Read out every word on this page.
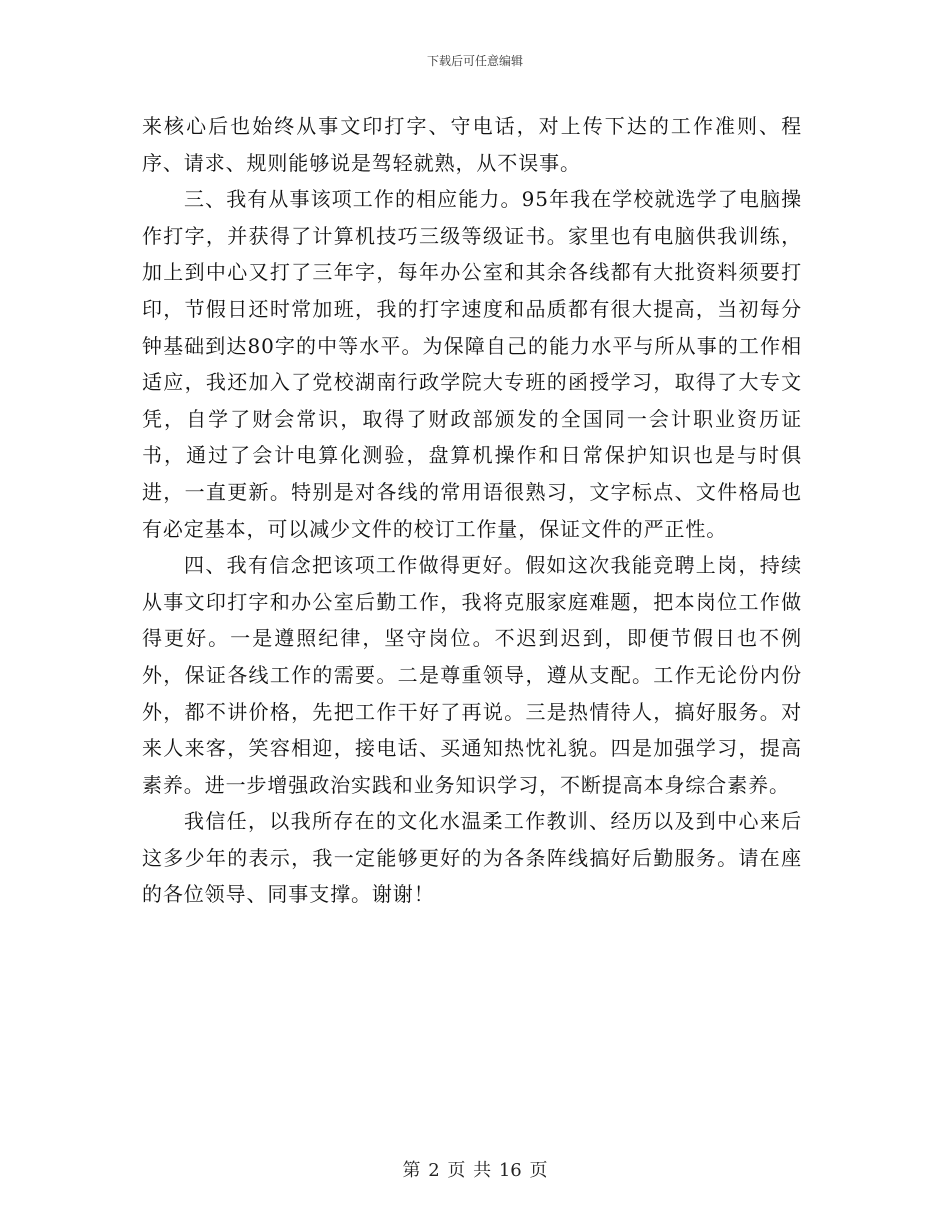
下载后可任意编辑

来核心后也始终从事文印打字、守电话，对上传下达的工作准则、程序、请求、规则能够说是驾轻就熟，从不误事。

三、我有从事该项工作的相应能力。95年我在学校就选学了电脑操作打字，并获得了计算机技巧三级等级证书。家里也有电脑供我训练，加上到中心又打了三年字，每年办公室和其余各线都有大批资料须要打印，节假日还时常加班，我的打字速度和品质都有很大提高，当初每分钟基础到达80字的中等水平。为保障自己的能力水平与所从事的工作相适应，我还加入了党校湖南行政学院大专班的函授学习，取得了大专文凭，自学了财会常识，取得了财政部颁发的全国同一会计职业资历证书，通过了会计电算化测验，盘算机操作和日常保护知识也是与时俱进，一直更新。特别是对各线的常用语很熟习，文字标点、文件格局也有必定基本，可以减少文件的校订工作量，保证文件的严正性。

四、我有信念把该项工作做得更好。假如这次我能竞聘上岗，持续从事文印打字和办公室后勤工作，我将克服家庭难题，把本岗位工作做得更好。一是遵照纪律，坚守岗位。不迟到迟到，即便节假日也不例外，保证各线工作的需要。二是尊重领导，遵从支配。工作无论份内份外，都不讲价格，先把工作干好了再说。三是热情待人，搞好服务。对来人来客，笑容相迎，接电话、买通知热忱礼貌。四是加强学习，提高素养。进一步增强政治实践和业务知识学习，不断提高本身综合素养。

我信任，以我所存在的文化水温柔工作教训、经历以及到中心来后这多少年的表示，我一定能够更好的为各条阵线搞好后勤服务。请在座的各位领导、同事支撑。谢谢！

第 2 页 共 16 页
